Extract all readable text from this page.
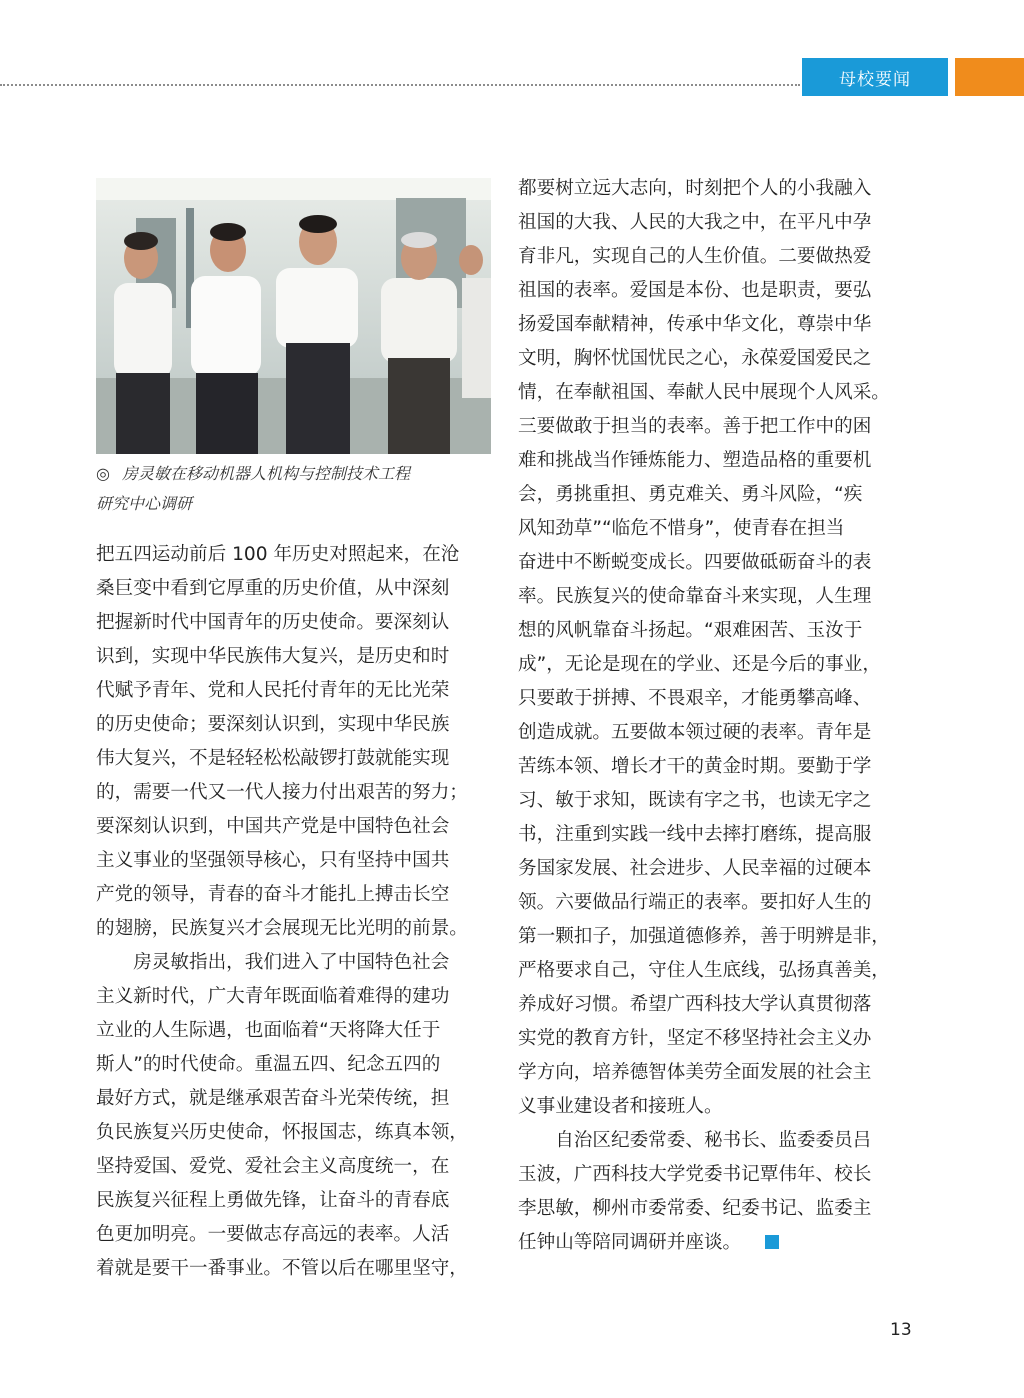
母校要闻
◎ 房灵敏在移动机器人机构与控制技术工程
研究中心调研
把五四运动前后 100 年历史对照起来，在沧
桑巨变中看到它厚重的历史价值，从中深刻
把握新时代中国青年的历史使命。要深刻认
识到，实现中华民族伟大复兴，是历史和时
代赋予青年、党和人民托付青年的无比光荣
的历史使命；要深刻认识到，实现中华民族
伟大复兴，不是轻轻松松敲锣打鼓就能实现
的，需要一代又一代人接力付出艰苦的努力；
要深刻认识到，中国共产党是中国特色社会
主义事业的坚强领导核心，只有坚持中国共
产党的领导，青春的奋斗才能扎上搏击长空
的翅膀，民族复兴才会展现无比光明的前景。
　　房灵敏指出，我们进入了中国特色社会
主义新时代，广大青年既面临着难得的建功
立业的人生际遇，也面临着“天将降大任于
斯人”的时代使命。重温五四、纪念五四的
最好方式，就是继承艰苦奋斗光荣传统，担
负民族复兴历史使命，怀报国志，练真本领，
坚持爱国、爱党、爱社会主义高度统一，在
民族复兴征程上勇做先锋，让奋斗的青春底
色更加明亮。一要做志存高远的表率。人活
着就是要干一番事业。不管以后在哪里坚守，
都要树立远大志向，时刻把个人的小我融入
祖国的大我、人民的大我之中，在平凡中孕
育非凡，实现自己的人生价值。二要做热爱
祖国的表率。爱国是本份、也是职责，要弘
扬爱国奉献精神，传承中华文化，尊崇中华
文明，胸怀忧国忧民之心，永葆爱国爱民之
情，在奉献祖国、奉献人民中展现个人风采。
三要做敢于担当的表率。善于把工作中的困
难和挑战当作锤炼能力、塑造品格的重要机
会，勇挑重担、勇克难关、勇斗风险，“疾
风知劲草”“临危不惜身”，使青春在担当
奋进中不断蜕变成长。四要做砥砺奋斗的表
率。民族复兴的使命靠奋斗来实现，人生理
想的风帆靠奋斗扬起。“艰难困苦、玉汝于
成”，无论是现在的学业、还是今后的事业，
只要敢于拼搏、不畏艰辛，才能勇攀高峰、
创造成就。五要做本领过硬的表率。青年是
苦练本领、增长才干的黄金时期。要勤于学
习、敏于求知，既读有字之书，也读无字之
书，注重到实践一线中去摔打磨练，提高服
务国家发展、社会进步、人民幸福的过硬本
领。六要做品行端正的表率。要扣好人生的
第一颗扣子，加强道德修养，善于明辨是非，
严格要求自己，守住人生底线，弘扬真善美，
养成好习惯。希望广西科技大学认真贯彻落
实党的教育方针，坚定不移坚持社会主义办
学方向，培养德智体美劳全面发展的社会主
义事业建设者和接班人。
　　自治区纪委常委、秘书长、监委委员吕
玉波，广西科技大学党委书记覃伟年、校长
李思敏，柳州市委常委、纪委书记、监委主
任钟山等陪同调研并座谈。
13
